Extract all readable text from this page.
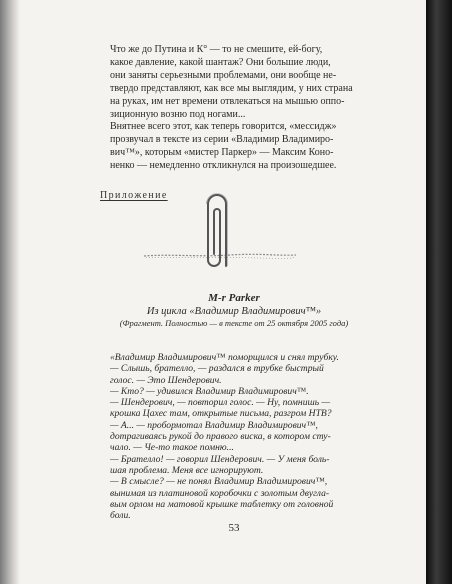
Что же до Путина и К° — то не смешите, ей-богу,
какое давление, какой шантаж? Они большие люди,
они заняты серьезными проблемами, они вообще не-
твердо представляют, как все мы выглядим, у них страна
на руках, им нет времени отвлекаться на мышью оппо-
зиционную возню под ногами...

Внятнее всего этот, как теперь говорится, «мессидж»
прозвучал в тексте из серии «Владимир Владимиро-
вич™», которым «мистер Паркер» — Максим Коно-
ненко — немедленно откликнулся на произошедшее.

Приложение
M-r Parker
Из цикла «Владимир Владимирович™»
(Фрагмент. Полностью — в тексте от 25 октября 2005 года)
«Владимир Владимирович™ поморщился и снял трубку.
— Слышь, брателло, — раздался в трубке быстрый
голос. — Это Шендерович.
— Кто? — удивился Владимир Владимирович™.
— Шендерович, — повторил голос. — Ну, помнишь —
крошка Цахес там, открытые письма, разгром НТВ?
— А... — пробормотал Владимир Владимирович™,
дотрагиваясь рукой до правого виска, в котором сту-
чало. — Че-то такое помню...
— Брателло! — говорил Шендерович. — У меня боль-
шая проблема. Меня все игнорируют.
— В смысле? — не понял Владимир Владимирович™,
вынимая из платиновой коробочки с золотым двугла-
вым орлом на матовой крышке таблетку от головной
боли.
53
